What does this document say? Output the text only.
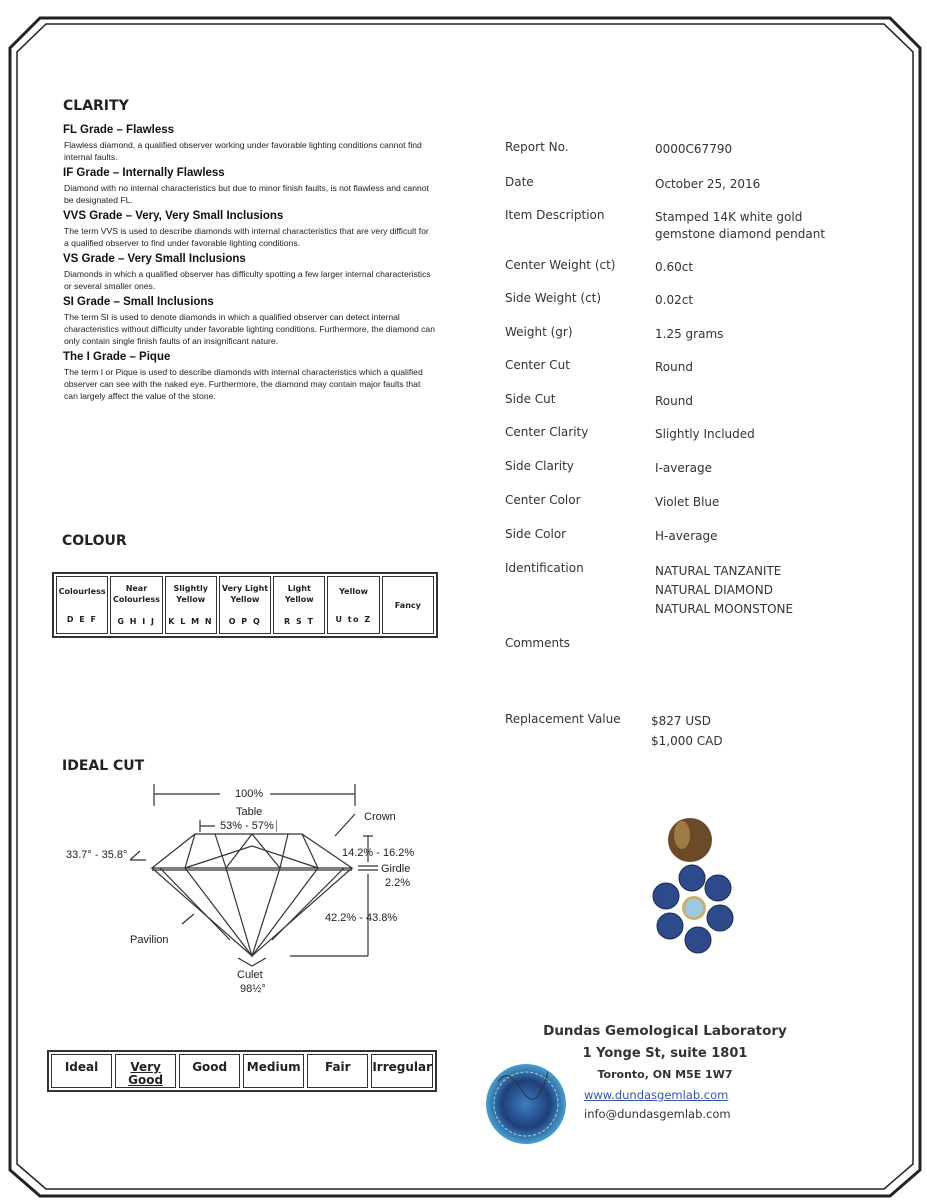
CLARITY
FL Grade – Flawless
Flawless diamond, a qualified observer working under favorable lighting conditions cannot find internal faults.
IF Grade – Internally Flawless
Diamond with no internal characteristics but due to minor finish faults, is not flawless and cannot be designated FL.
VVS Grade – Very, Very Small Inclusions
The term VVS is used to describe diamonds with internal characteristics that are very difficult for a qualified observer to find under favorable lighting conditions.
VS Grade – Very Small Inclusions
Diamonds in which a qualified observer has difficulty spotting a few larger internal characteristics or several smaller ones.
SI Grade – Small Inclusions
The term SI is used to denote diamonds in which a qualified observer can detect internal characteristics without difficulty under favorable lighting conditions. Furthermore, the diamond can only contain single finish faults of an insignificant nature.
The I Grade – Pique
The term I or Pique is used to describe diamonds with internal characteristics which a qualified observer can see with the naked eye. Furthermore, the diamond may contain major faults that can largely affect the value of the stone.
COLOUR
Colourless
D E F
Near Colourless
G H I J
Slightly Yellow
K L M N
Very Light Yellow
O P Q
Light Yellow
R S T
Yellow
U to Z
Fancy
IDEAL CUT
100%
Table
53% - 57%
Crown
33.7° - 35.8°	14.2% - 16.2%
Girdle
2.2%
42.2% - 43.8%
Pavilion
Culet
98½°
Ideal	Very Good
Good	Medium	Fair	Irregular
Report No.	0000C67790
Date	October 25, 2016
Item Description	Stamped 14K white gold gemstone diamond pendant
Center Weight (ct)	0.60ct
Side Weight (ct)	0.02ct
Weight (gr)	1.25 grams
Center Cut	Round
Side Cut	Round
Center Clarity	Slightly Included
Side Clarity	I-average
Center Color	Violet Blue
Side Color	H-average
Identification	NATURAL TANZANITE
NATURAL DIAMOND
NATURAL MOONSTONE
Comments
Replacement Value	$827 USD
$1,000 CAD
Dundas Gemological Laboratory
1 Yonge St, suite 1801
Toronto, ON M5E 1W7
www.dundasgemlab.com
info@dundasgemlab.com
